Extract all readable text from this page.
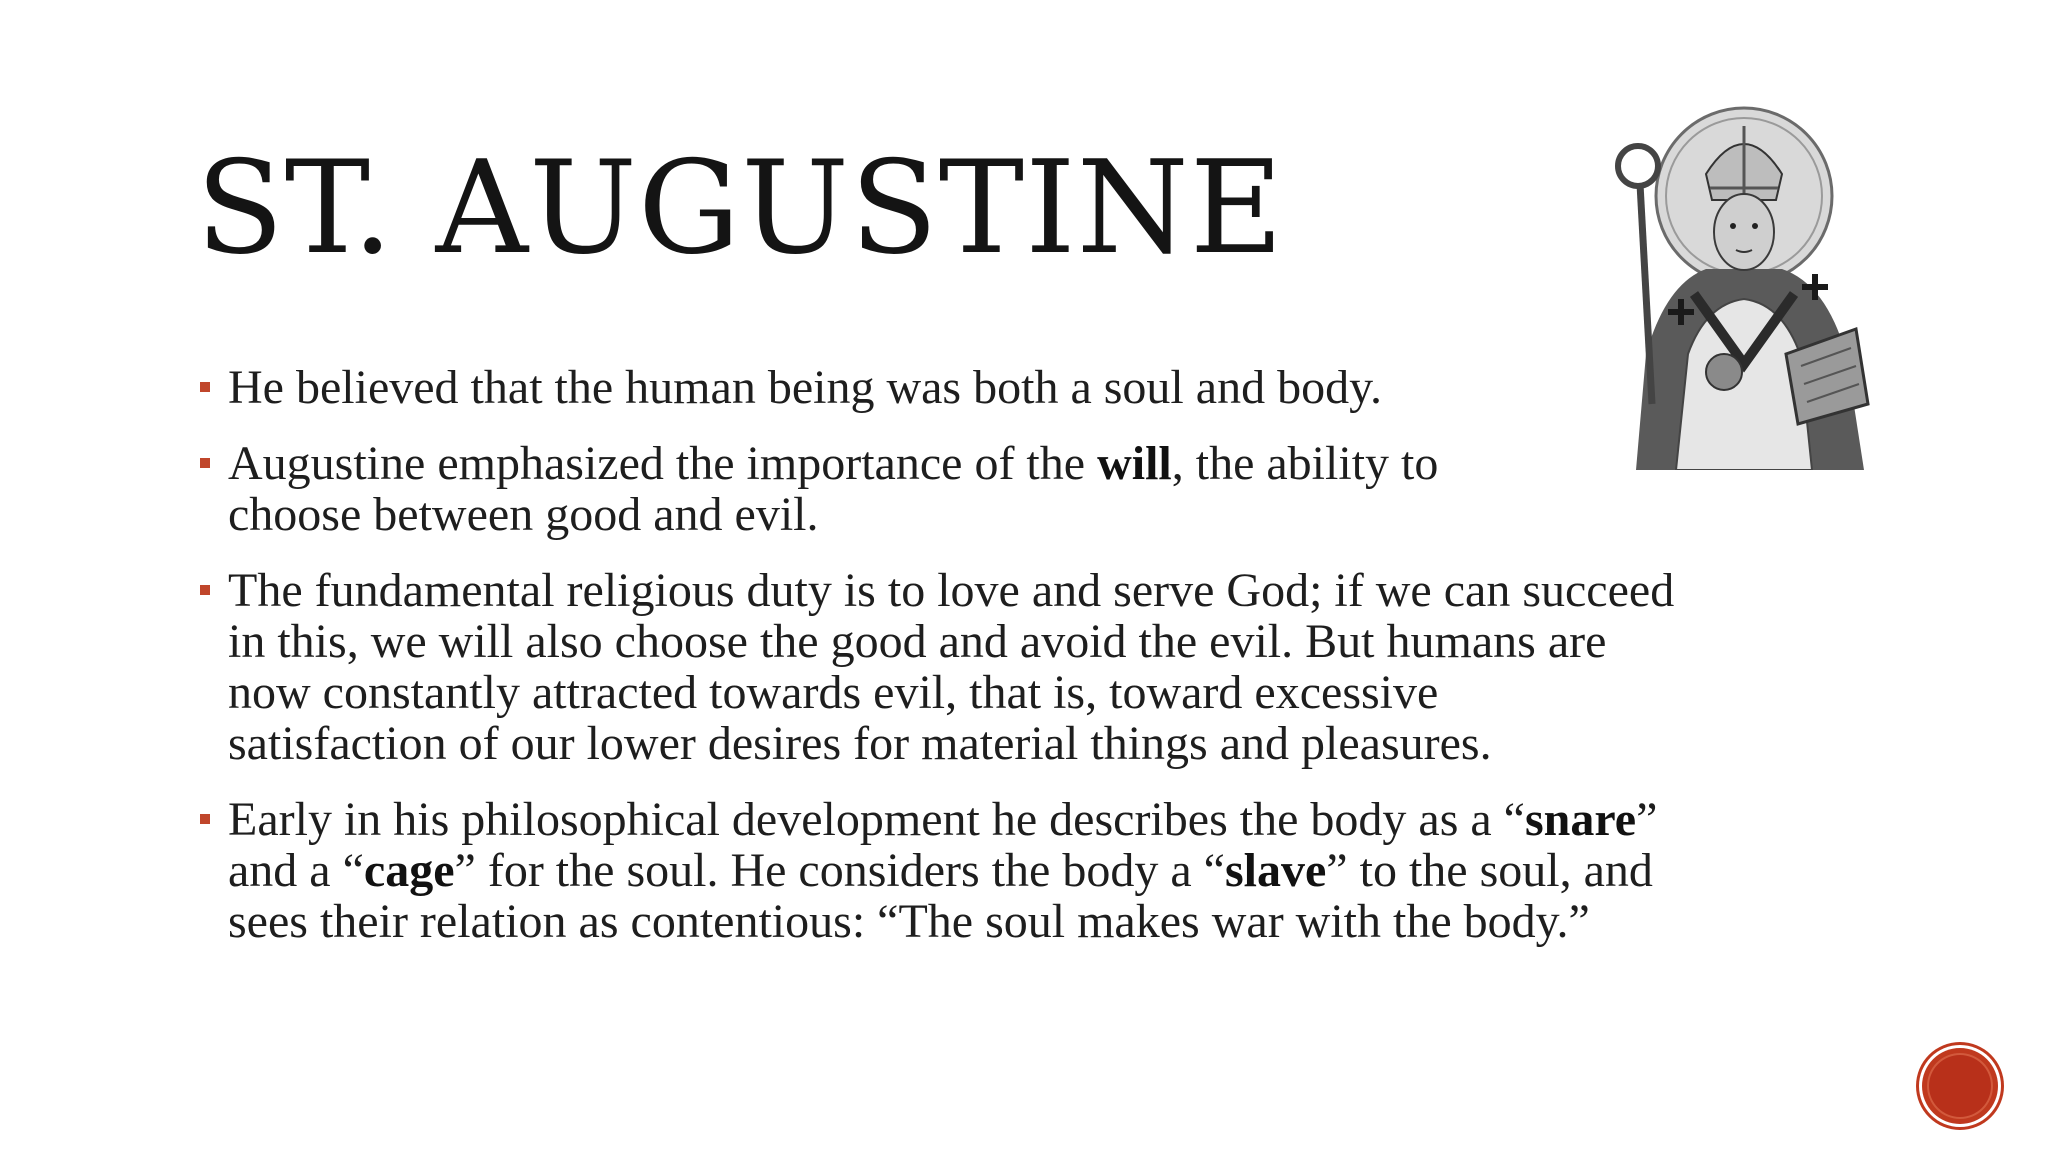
ST. AUGUSTINE
He believed that the human being was both a soul and body.
Augustine emphasized the importance of the will, the ability to
choose between good and evil.
The fundamental religious duty is to love and serve God; if we can succeed
in this, we will also choose the good and avoid the evil. But humans are
now constantly attracted towards evil, that is, toward excessive
satisfaction of our lower desires for material things and pleasures.
Early in his philosophical development he describes the body as a “snare”
and a “cage” for the soul. He considers the body a “slave” to the soul, and
sees their relation as contentious: “The soul makes war with the body.”
